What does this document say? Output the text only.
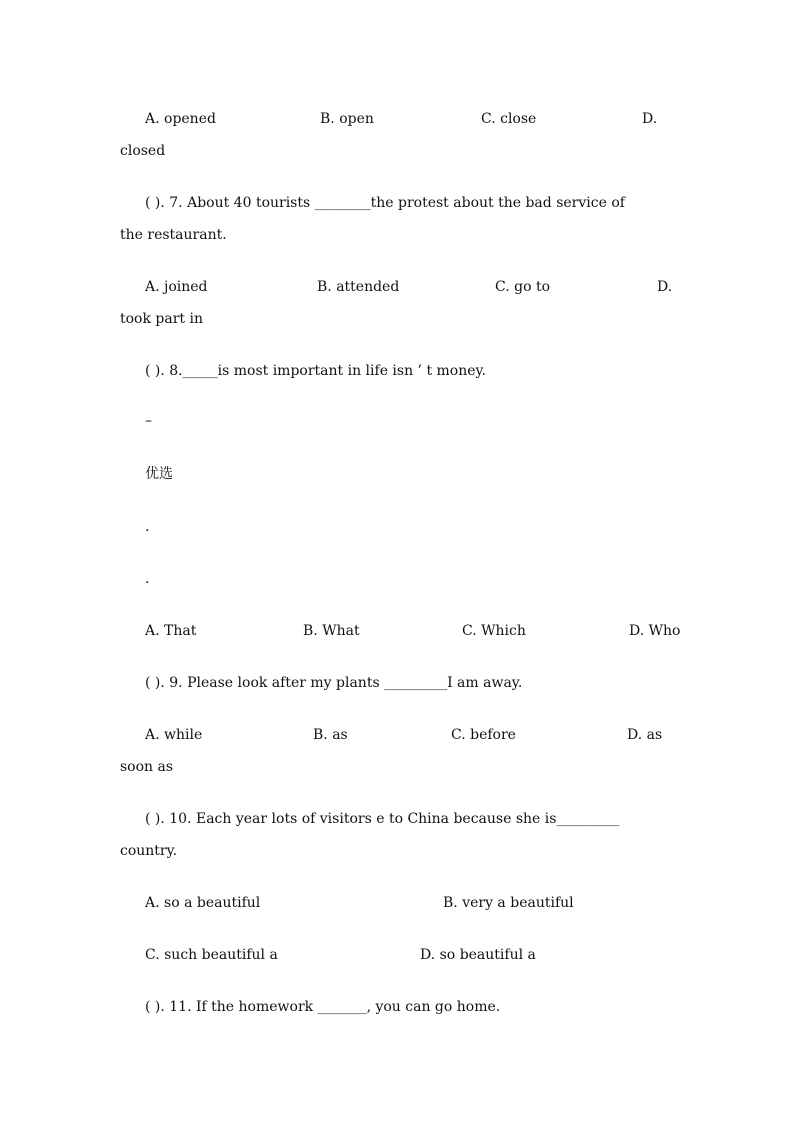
A. opened	B. open	C. close	D.
closed
( ). 7. About 40 tourists ________the protest about the bad service of
the restaurant.
A. joined	B. attended	C. go to	D.
took part in
( ). 8._____is most important in life isn ’ t money.
–
优选
.
.
A. That	B. What	C. Which	D. Who
( ). 9. Please look after my plants _________I am away.
A. while	B. as	C. before	D. as
soon as
( ). 10. Each year lots of visitors e to China because she is_________
country.
A. so a beautiful	B. very a beautiful
C. such beautiful a	D. so beautiful a
( ). 11. If the homework _______, you can go home.
